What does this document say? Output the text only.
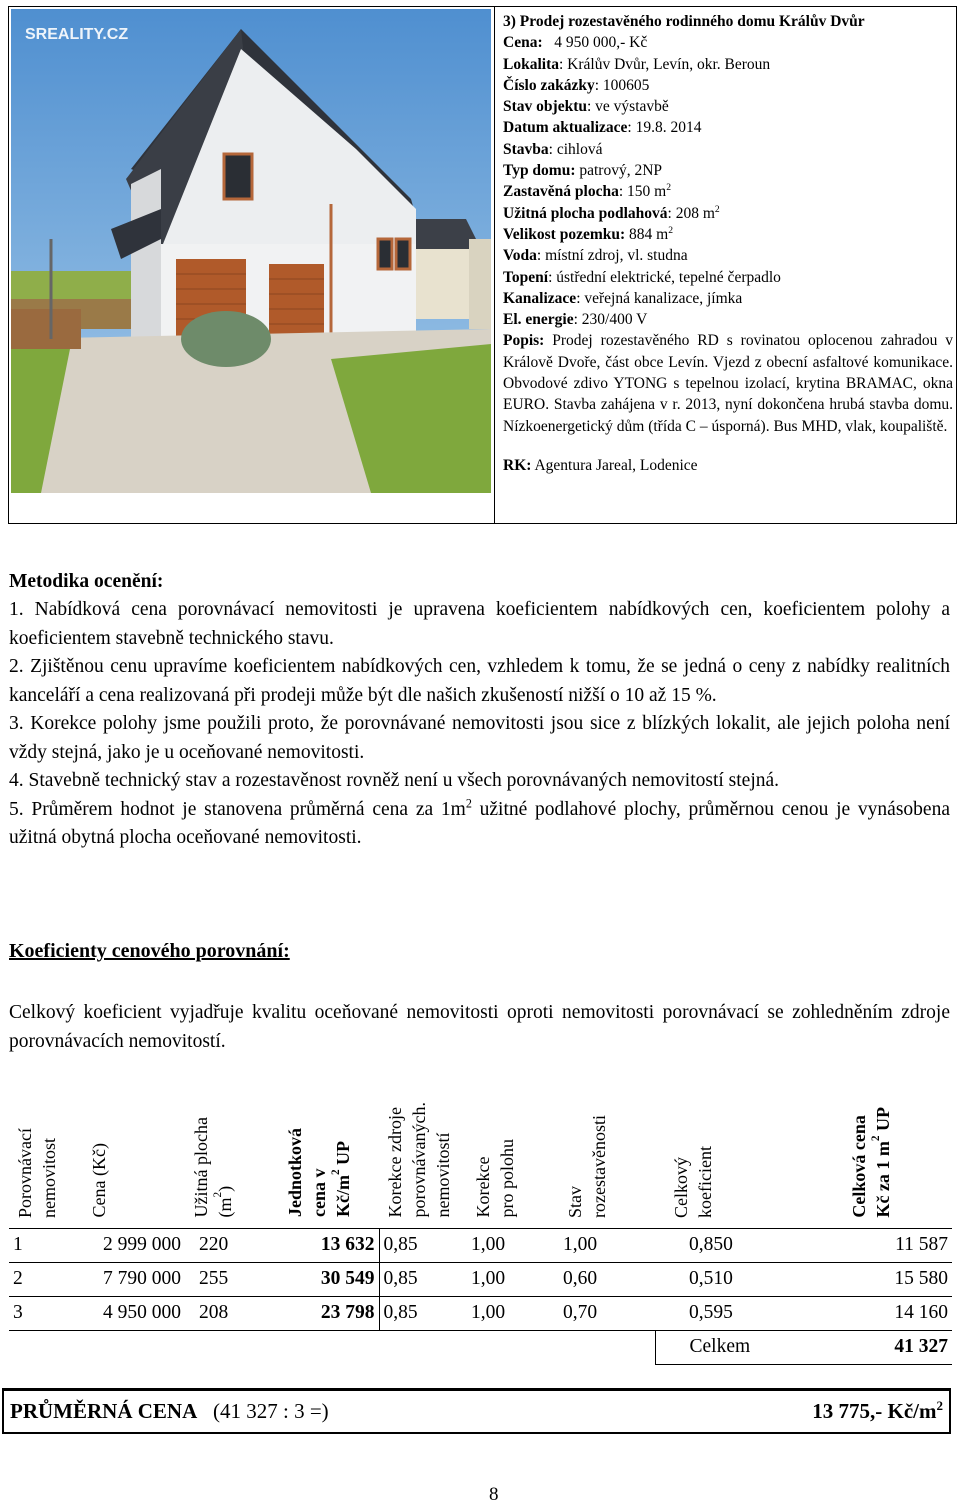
SREALITY.CZ
3) Prodej rozestavěného rodinného domu Králův Dvůr
Cena: 4 950 000,- Kč
Lokalita: Králův Dvůr, Levín, okr. Beroun
Číslo zakázky: 100605
Stav objektu: ve výstavbě
Datum aktualizace: 19.8. 2014
Stavba: cihlová
Typ domu: patrový, 2NP
Zastavěná plocha: 150 $m^2$
Užitná plocha podlahová: 208 $m^2$
Velikost pozemku: 884 $m^2$
Voda: místní zdroj, vl. studna
Topení: ústřední elektrické, tepelné čerpadlo
Kanalizace: veřejná kanalizace, jímka
El. energie: 230/400 V
Popis: Prodej rozestavěného RD s rovinatou oplocenou zahradou v Králově Dvoře, část obce Levín. Vjezd z obecní asfaltové komunikace. Obvodové zdivo YTONG s tepelnou izolací, krytina BRAMAC, okna EURO. Stavba zahájena v r. 2013, nyní dokončena hrubá stavba domu. Nízkoenergetický dům (třída C – úsporná). Bus MHD, vlak, koupaliště.
RK: Agentura Jareal, Lodenice
Metodika ocenění:

1. Nabídková cena porovnávací nemovitosti je upravena koeficientem nabídkových cen, koeficientem polohy a koeficientem stavebně technického stavu.

2. Zjištěnou cenu upravíme koeficientem nabídkových cen, vzhledem k tomu, že se jedná o ceny z nabídky realitních kanceláří a cena realizovaná při prodeji může být dle našich zkušeností nižší o 10 až 15 %.

3. Korekce polohy jsme použili proto, že porovnávané nemovitosti jsou sice z blízkých lokalit, ale jejich poloha není vždy stejná, jako je u oceňované nemovitosti.

4. Stavebně technický stav a rozestavěnost rovněž není u všech porovnávaných nemovitostí stejná.

5. Průměrem hodnot je stanovena průměrná cena za $1m^2$ užitné podlahové plochy, průměrnou cenou je vynásobena užitná obytná plocha oceňované nemovitosti.

Koeficienty cenového porovnání:
Celkový koeficient vyjadřuje kvalitu oceňované nemovitosti oproti nemovitosti porovnávací se zohledněním zdroje porovnávacích nemovitostí.
Porovnávací nemovitost	Cena (Kč)	Užitná plocha $(m^2)$	Jednotková cena v $Kč/m^2$ UP	Korekce zdroje porovnávaných. nemovitostí	Korekce pro polohu	Stav rozestavěnosti	Celkový koeficient	Celková cena Kč za 1 $m^2$ UP
1	2 999 000	220	13 632	0,85	1,00	1,00	0,850	11 587
2	7 790 000	255	30 549	0,85	1,00	0,60	0,510	15 580
3	4 950 000	208	23 798	0,85	1,00	0,70	0,595	14 160
							Celkem	41 327
PRŮMĚRNÁ CENA (41 327 : 3 =)	13 775,- $Kč/m^2$
8
